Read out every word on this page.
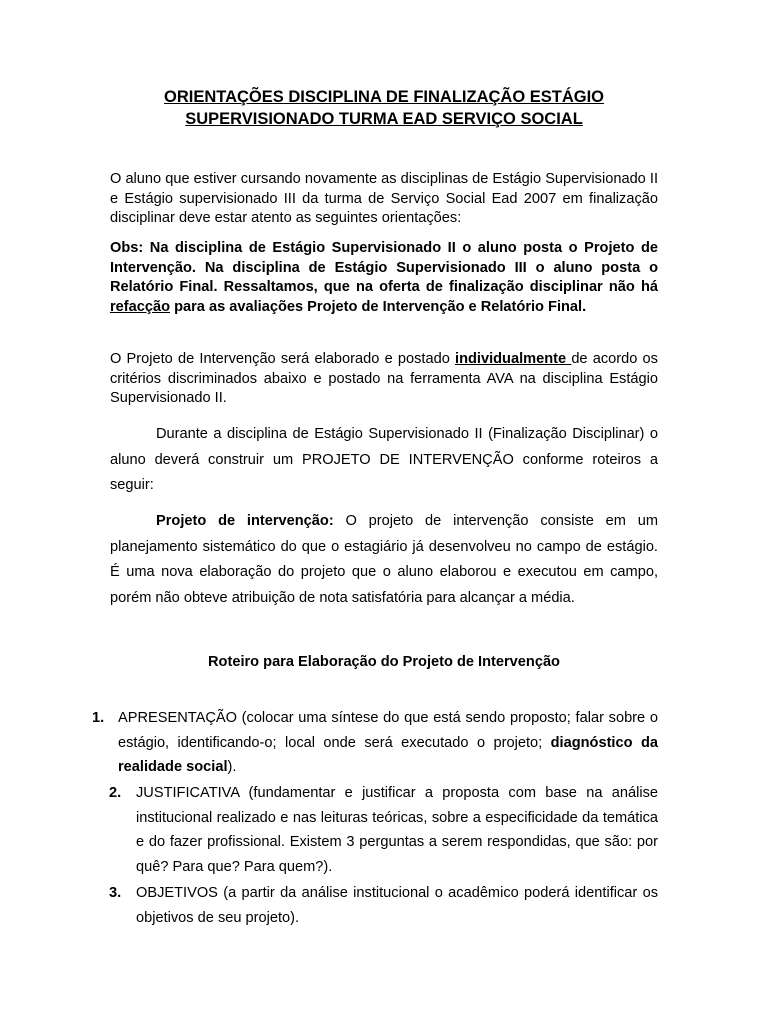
ORIENTAÇÕES DISCIPLINA DE FINALIZAÇÃO ESTÁGIO
SUPERVISIONADO TURMA EAD SERVIÇO SOCIAL

O aluno que estiver cursando novamente as disciplinas de Estágio Supervisionado II e Estágio supervisionado III da turma de Serviço Social Ead 2007 em finalização disciplinar deve estar atento as seguintes orientações:

Obs: Na disciplina de Estágio Supervisionado II o aluno posta o Projeto de Intervenção. Na disciplina de Estágio Supervisionado III o aluno posta o Relatório Final. Ressaltamos, que na oferta de finalização disciplinar não há refacção para as avaliações Projeto de Intervenção e Relatório Final.

O Projeto de Intervenção será elaborado e postado individualmente de acordo os critérios discriminados abaixo e postado na ferramenta AVA na disciplina Estágio Supervisionado II.

Durante a disciplina de Estágio Supervisionado II (Finalização Disciplinar) o aluno deverá construir um PROJETO DE INTERVENÇÃO conforme roteiros a seguir:

Projeto de intervenção: O projeto de intervenção consiste em um planejamento sistemático do que o estagiário já desenvolveu no campo de estágio. É uma nova elaboração do projeto que o aluno elaborou e executou em campo, porém não obteve atribuição de nota satisfatória para alcançar a média.

Roteiro para Elaboração do Projeto de Intervenção
1. APRESENTAÇÃO (colocar uma síntese do que está sendo proposto; falar sobre o estágio, identificando-o; local onde será executado o projeto; diagnóstico da realidade social).
2. JUSTIFICATIVA (fundamentar e justificar a proposta com base na análise institucional realizado e nas leituras teóricas, sobre a especificidade da temática e do fazer profissional. Existem 3 perguntas a serem respondidas, que são: por quê? Para que? Para quem?).
3. OBJETIVOS (a partir da análise institucional o acadêmico poderá identificar os objetivos de seu projeto).
